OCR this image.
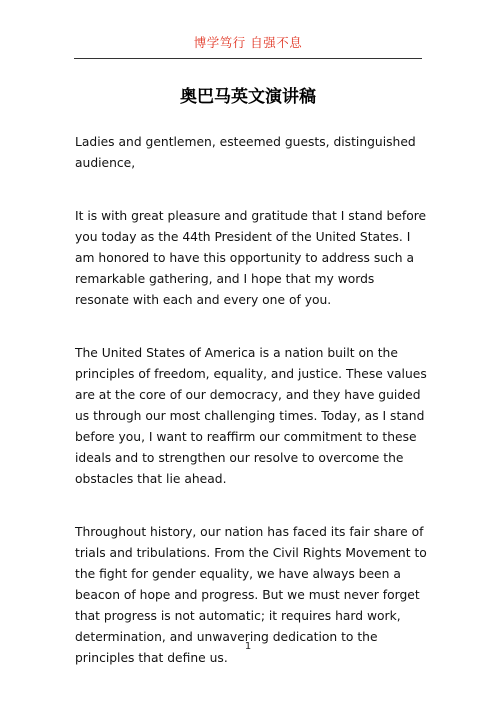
博学笃行 自强不息
奥巴马英文演讲稿

Ladies and gentlemen, esteemed guests, distinguished audience,

It is with great pleasure and gratitude that I stand before you today as the 44th President of the United States. I am honored to have this opportunity to address such a remarkable gathering, and I hope that my words resonate with each and every one of you.

The United States of America is a nation built on the principles of freedom, equality, and justice. These values are at the core of our democracy, and they have guided us through our most challenging times. Today, as I stand before you, I want to reaffirm our commitment to these ideals and to strengthen our resolve to overcome the obstacles that lie ahead.

Throughout history, our nation has faced its fair share of trials and tribulations. From the Civil Rights Movement to the fight for gender equality, we have always been a beacon of hope and progress. But we must never forget that progress is not automatic; it requires hard work, determination, and unwavering dedication to the principles that define us.

1
